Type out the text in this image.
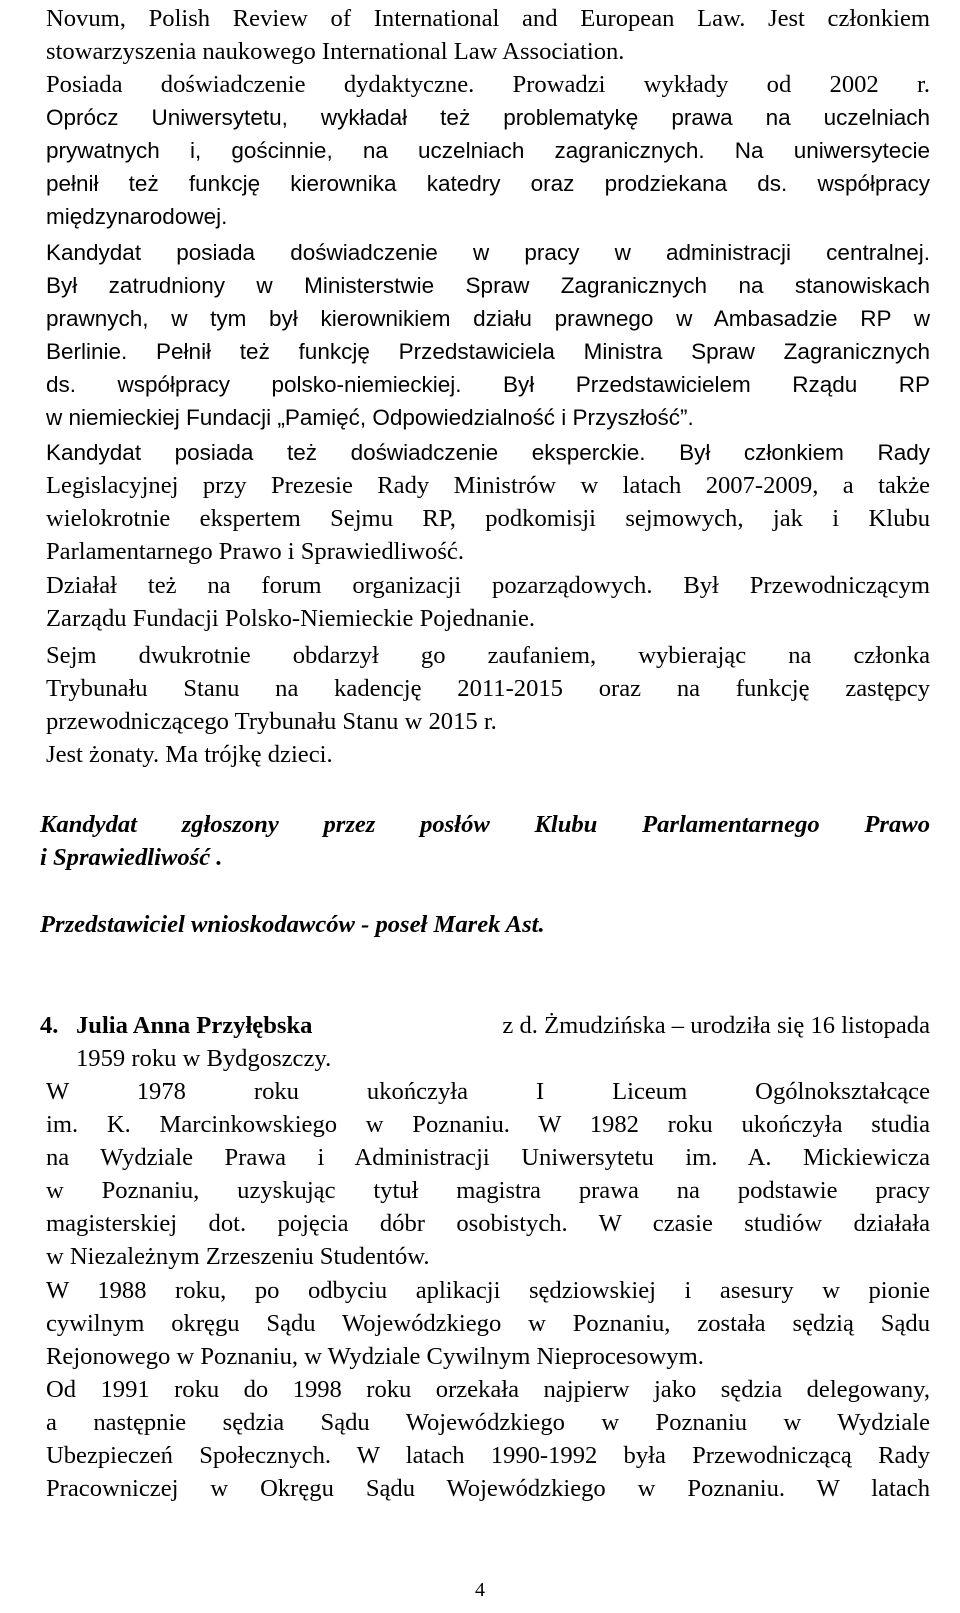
Novum, Polish Review of International and European Law. Jest członkiem
stowarzyszenia naukowego International Law Association.
Posiada doświadczenie dydaktyczne. Prowadzi wykłady od 2002 r.
Oprócz Uniwersytetu, wykładał też problematykę prawa na uczelniach
prywatnych i, gościnnie, na uczelniach zagranicznych. Na uniwersytecie
pełnił też funkcję kierownika katedry oraz prodziekana ds. współpracy
międzynarodowej.
Kandydat posiada doświadczenie w pracy w administracji centralnej.
Był zatrudniony w Ministerstwie Spraw Zagranicznych na stanowiskach
prawnych, w tym był kierownikiem działu prawnego w Ambasadzie RP w
Berlinie. Pełnił też funkcję Przedstawiciela Ministra Spraw Zagranicznych
ds. współpracy polsko-niemieckiej. Był Przedstawicielem Rządu RP
w niemieckiej Fundacji „Pamięć, Odpowiedzialność i Przyszłość”.
Kandydat posiada też doświadczenie eksperckie. Był członkiem Rady
Legislacyjnej przy Prezesie Rady Ministrów w latach 2007-2009, a także
wielokrotnie ekspertem Sejmu RP, podkomisji sejmowych, jak i Klubu
Parlamentarnego Prawo i Sprawiedliwość.
Działał też na forum organizacji pozarządowych. Był Przewodniczącym
Zarządu Fundacji Polsko-Niemieckie Pojednanie.
Sejm dwukrotnie obdarzył go zaufaniem, wybierając na członka
Trybunału Stanu na kadencję 2011-2015 oraz na funkcję zastępcy
przewodniczącego Trybunału Stanu w 2015 r.
Jest żonaty. Ma trójkę dzieci.
Kandydat zgłoszony przez posłów Klubu Parlamentarnego Prawo
i Sprawiedliwość .
Przedstawiciel wnioskodawców - poseł Marek Ast.
4. Julia Anna Przyłębska	z d. Żmudzińska – urodziła się 16 listopada
1959 roku w Bydgoszczy.
W 1978 roku ukończyła I Liceum Ogólnokształcące
im. K. Marcinkowskiego w Poznaniu. W 1982 roku ukończyła studia
na Wydziale Prawa i Administracji Uniwersytetu im. A. Mickiewicza
w Poznaniu, uzyskując tytuł magistra prawa na podstawie pracy
magisterskiej dot. pojęcia dóbr osobistych. W czasie studiów działała
w Niezależnym Zrzeszeniu Studentów.
W 1988 roku, po odbyciu aplikacji sędziowskiej i asesury w pionie
cywilnym okręgu Sądu Wojewódzkiego w Poznaniu, została sędzią Sądu
Rejonowego w Poznaniu, w Wydziale Cywilnym Nieprocesowym.
Od 1991 roku do 1998 roku orzekała najpierw jako sędzia delegowany,
a następnie sędzia Sądu Wojewódzkiego w Poznaniu w Wydziale
Ubezpieczeń Społecznych. W latach 1990-1992 była Przewodniczącą Rady
Pracowniczej w Okręgu Sądu Wojewódzkiego w Poznaniu. W latach
4
